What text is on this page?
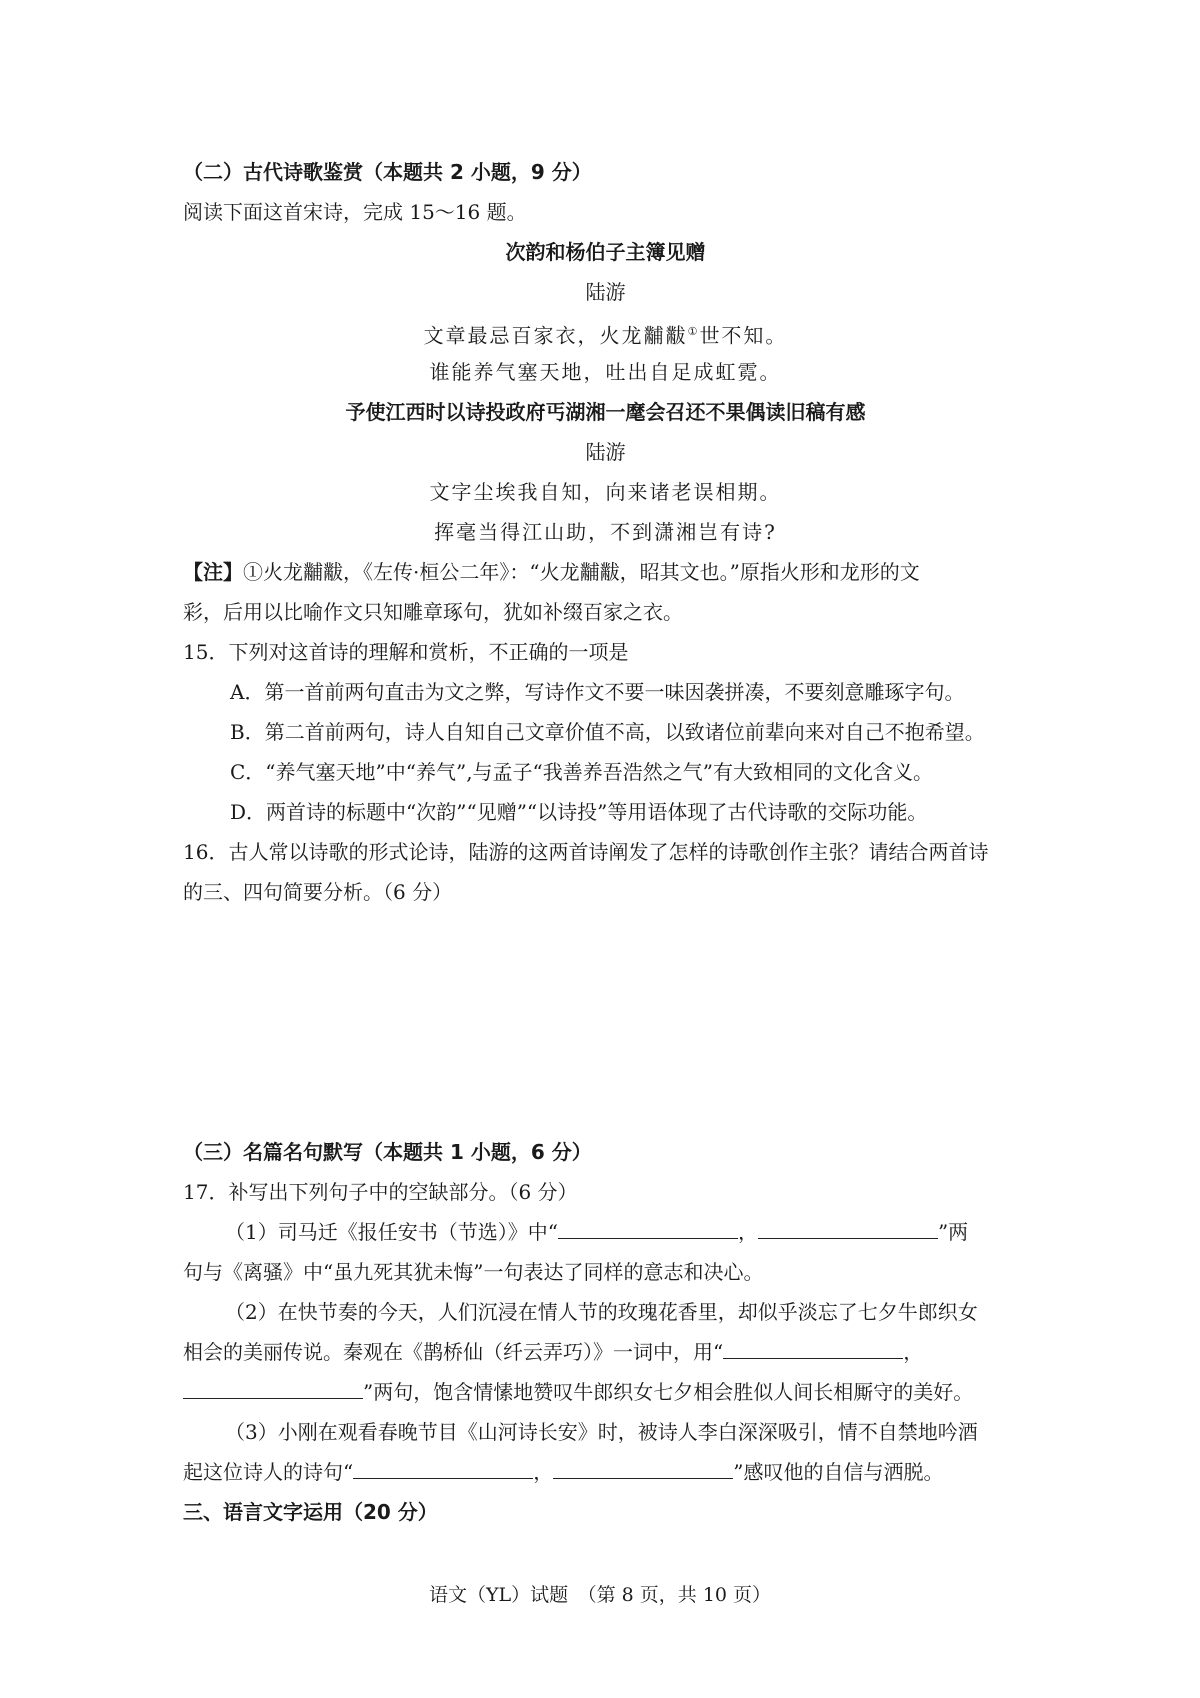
（二）古代诗歌鉴赏（本题共 2 小题，9 分）
阅读下面这首宋诗，完成 15～16 题。
次韵和杨伯子主簿见赠
陆游
文章最忌百家衣，火龙黼黻①世不知。
谁能养气塞天地，吐出自足成虹霓。
予使江西时以诗投政府丐湖湘一麾会召还不果偶读旧稿有感
陆游
文字尘埃我自知，向来诸老误相期。
挥毫当得江山助，不到潇湘岂有诗?
【注】①火龙黼黻，《左传·桓公二年》：“火龙黼黻，昭其文也。”原指火形和龙形的文
彩，后用以比喻作文只知雕章琢句，犹如补缀百家之衣。
15．下列对这首诗的理解和赏析，不正确的一项是
A．第一首前两句直击为文之弊，写诗作文不要一味因袭拼凑，不要刻意雕琢字句。
B．第二首前两句，诗人自知自己文章价值不高，以致诸位前辈向来对自己不抱希望。
C．“养气塞天地”中“养气”,与孟子“我善养吾浩然之气”有大致相同的文化含义。
D．两首诗的标题中“次韵”“见赠”“以诗投”等用语体现了古代诗歌的交际功能。
16．古人常以诗歌的形式论诗，陆游的这两首诗阐发了怎样的诗歌创作主张？请结合两首诗
的三、四句简要分析。（6 分）
（三）名篇名句默写（本题共 1 小题，6 分）
17．补写出下列句子中的空缺部分。（6 分）
（1）司马迁《报任安书（节选）》中“	，	”两
句与《离骚》中“虽九死其犹未悔”一句表达了同样的意志和决心。
（2）在快节奏的今天，人们沉浸在情人节的玫瑰花香里，却似乎淡忘了七夕牛郎织女
相会的美丽传说。秦观在《鹊桥仙（纤云弄巧）》一词中，用“	，
”两句，饱含情愫地赞叹牛郎织女七夕相会胜似人间长相厮守的美好。
（3）小刚在观看春晚节目《山河诗长安》时，被诗人李白深深吸引，情不自禁地吟酒
起这位诗人的诗句“	，	”感叹他的自信与洒脱。
三、语言文字运用（20 分）
语文（YL）试题　（第 8 页，共 10 页）
